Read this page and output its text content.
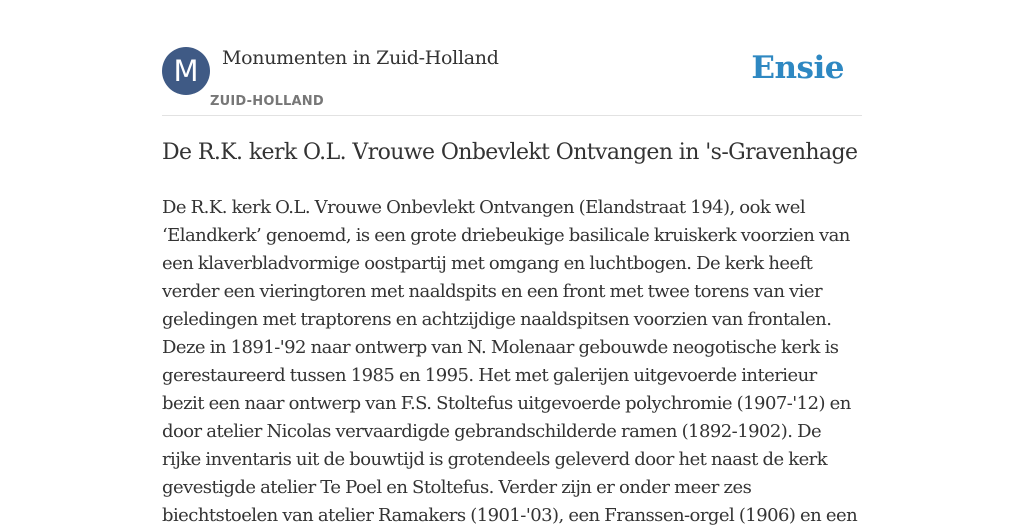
M	Monumenten in Zuid-Holland
ZUID-HOLLAND
Ensie
De R.K. kerk O.L. Vrouwe Onbevlekt Ontvangen in 's-Gravenhage

De R.K. kerk O.L. Vrouwe Onbevlekt Ontvangen (Elandstraat 194), ook wel ‘Elandkerk’ genoemd, is een grote driebeukige basilicale kruiskerk voorzien van een klaverbladvormige oostpartij met omgang en luchtbogen. De kerk heeft verder een vieringtoren met naaldspits en een front met twee torens van vier geledingen met traptorens en achtzijdige naaldspitsen voorzien van frontalen. Deze in 1891-'92 naar ontwerp van N. Molenaar gebouwde neogotische kerk is gerestaureerd tussen 1985 en 1995. Het met galerijen uitgevoerde interieur bezit een naar ontwerp van F.S. Stoltefus uitgevoerde polychromie (1907-'12) en door atelier Nicolas vervaardigde gebrandschilderde ramen (1892-1902). De rijke inventaris uit de bouwtijd is grotendeels geleverd door het naast de kerk gevestigde atelier Te Poel en Stoltefus. Verder zijn er onder meer zes biechtstoelen van atelier Ramakers (1901-'03), een Franssen-orgel (1906) en een
